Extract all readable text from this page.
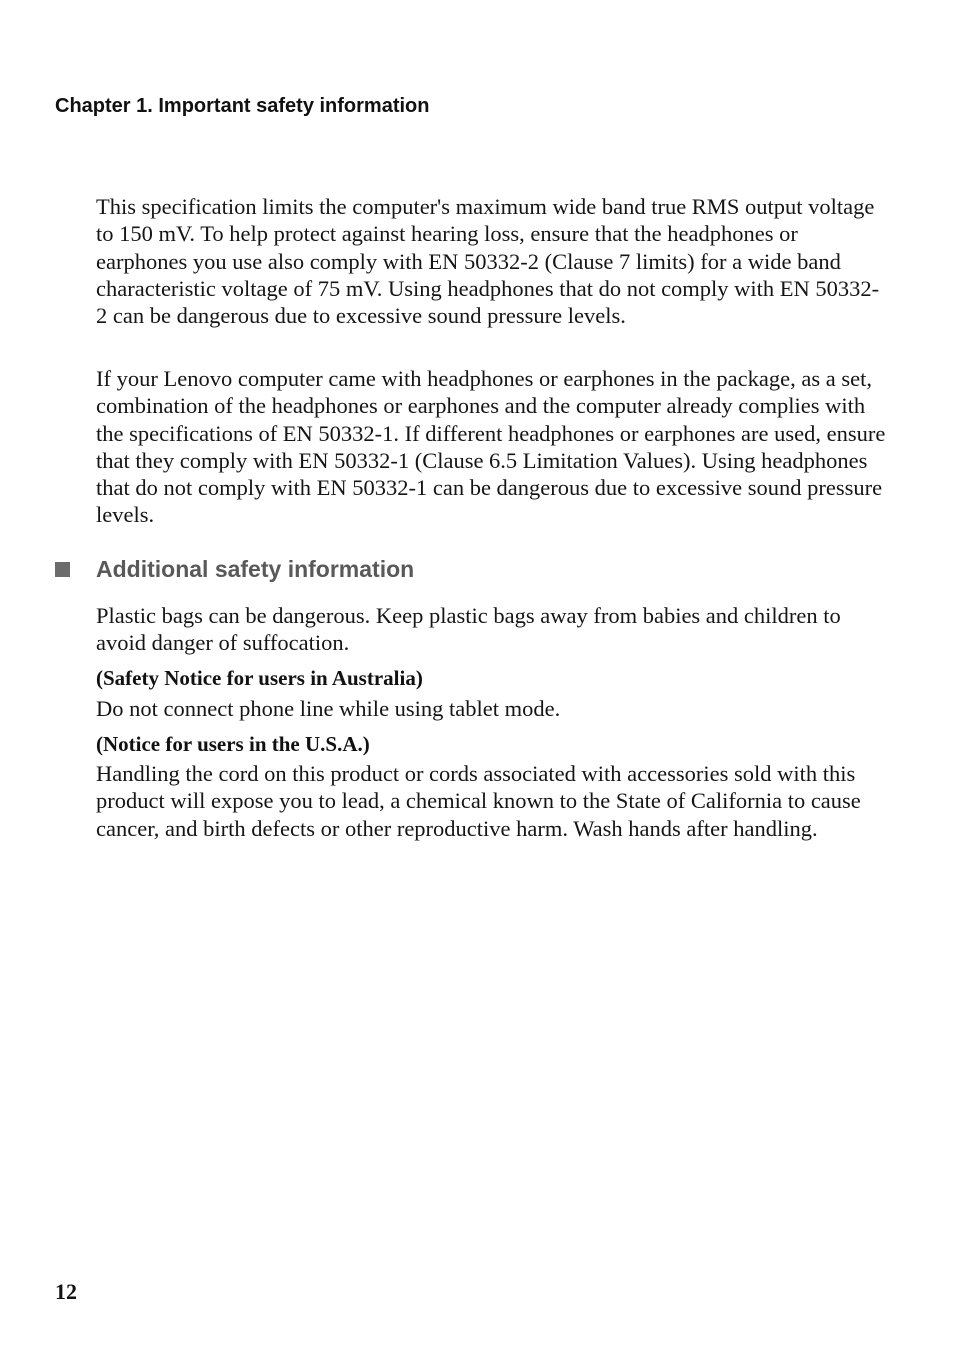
Chapter 1. Important safety information

This specification limits the computer's maximum wide band true RMS output voltage to 150 mV. To help protect against hearing loss, ensure that the headphones or earphones you use also comply with EN 50332-2 (Clause 7 limits) for a wide band characteristic voltage of 75 mV. Using headphones that do not comply with EN 50332-2 can be dangerous due to excessive sound pressure levels.

If your Lenovo computer came with headphones or earphones in the package, as a set, combination of the headphones or earphones and the computer already complies with the specifications of EN 50332-1. If different headphones or earphones are used, ensure that they comply with EN 50332-1 (Clause 6.5 Limitation Values). Using headphones that do not comply with EN 50332-1 can be dangerous due to excessive sound pressure levels.

Additional safety information

Plastic bags can be dangerous. Keep plastic bags away from babies and children to avoid danger of suffocation.

(Safety Notice for users in Australia)

Do not connect phone line while using tablet mode.

(Notice for users in the U.S.A.)

Handling the cord on this product or cords associated with accessories sold with this product will expose you to lead, a chemical known to the State of California to cause cancer, and birth defects or other reproductive harm. Wash hands after handling.

12
